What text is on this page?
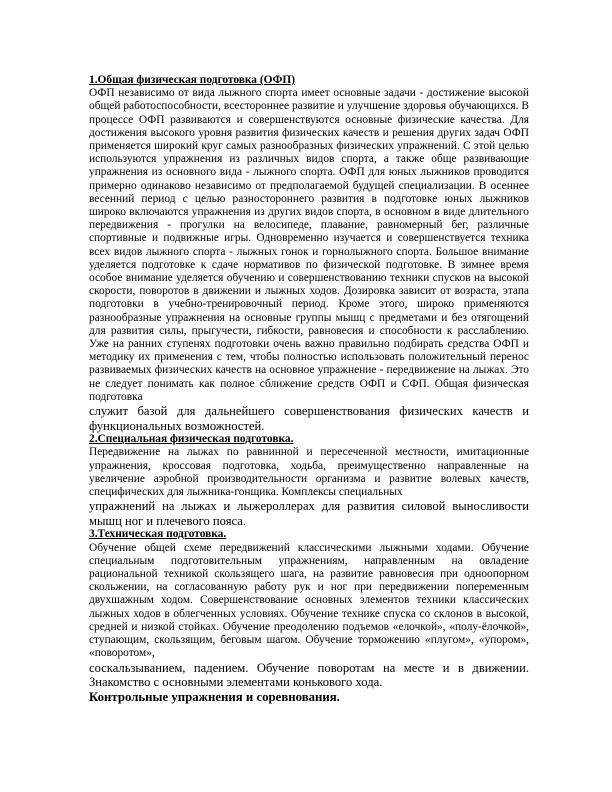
1.Общая физическая подготовка (ОФП)

ОФП независимо от вида лыжного спорта имеет основные задачи - достижение высокой общей работоспособности, всестороннее развитие и улучшение здоровья обучающихся. В процессе ОФП развиваются и совершенствуются основные физические качества. Для достижения высокого уровня развития физических качеств и решения других задач ОФП применяется широкий круг самых разнообразных физических упражнений. С этой целью используются упражнения из различных видов спорта, а также обще развивающие упражнения из основного вида - лыжного спорта. ОФП для юных лыжников проводится примерно одинаково независимо от предполагаемой будущей специализации. В осеннее весенний период с целью разностороннего развития в подготовке юных лыжников широко включаются упражнения из других видов спорта, в основном в виде длительного передвижения - прогулки на велосипеде, плавание, равномерный бег, различные спортивные и подвижные игры. Одновременно изучается и совершенствуется техника всех видов лыжного спорта - лыжных гонок и горнолыжного спорта. Большое внимание уделяется подготовке к сдаче нормативов по физической подготовке. В зимнее время особое внимание уделяется обучению и совершенствованию техники спусков на высокой скорости, поворотов в движении и лыжных ходов. Дозировка зависит от возраста, этапа подготовки в учебно-тренировочный период. Кроме этого, широко применяются разнообразные упражнения на основные группы мышц с предметами и без отягощений для развития силы, прыгучести, гибкости, равновесия и способности к расслаблению. Уже на ранних ступенях подготовки очень важно правильно подбирать средства ОФП и методику их применения с тем, чтобы полностью использовать положительный перенос развиваемых физических качеств на основное упражнение - передвижение на лыжах. Это не следует понимать как полное сближение средств ОФП и СФП. Общая физическая подготовка

служит базой для дальнейшего совершенствования физических качеств и функциональных возможностей.

2.Специальная физическая подготовка.

Передвижение на лыжах по равнинной и пересеченной местности, имитационные упражнения, кроссовая подготовка, ходьба, преимущественно направленные на увеличение аэробной производительности организма и развитие волевых качеств, специфических для лыжника-гонщика. Комплексы специальных

упражнений на лыжах и лыжероллерах для развития силовой выносливости мышц ног и плечевого пояса.

3.Техническая подготовка.

Обучение общей схеме передвижений классическими лыжными ходами. Обучение специальным подготовительным упражнениям, направленным на овладение рациональной техникой скользящего шага, на развитие равновесия при одноопорном скольжении, на согласованную работу рук и ног при передвижении попеременным двухшажным ходом. Совершенствование основных элементов техники классических лыжных ходов в облегченных условиях. Обучение технике спуска со склонов в высокой, средней и низкой стойках. Обучение преодолению подъемов «елочкой», «полу-ёлочкой», ступающим, скользящим, беговым шагом. Обучение торможению «плугом», «упором», «поворотом»,

соскальзыванием, падением. Обучение поворотам на месте и в движении. Знакомство с основными элементами конькового хода.

Контрольные упражнения и соревнования.
